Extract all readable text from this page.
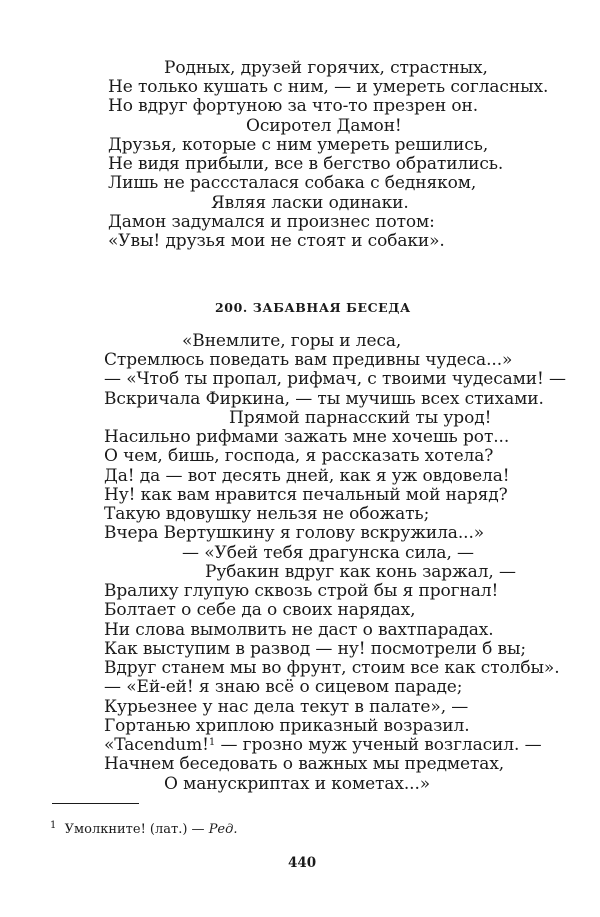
Родных, друзей горячих, страстных,
Не только кушать с ним, — и умереть согласных.
Но вдруг фортуною за что-то презрен он.
Осиротел Дамон!
Друзья, которые с ним умереть решились,
Не видя прибыли, все в бегство обратились.
Лишь не расссталася собака с бедняком,
Являя ласки одинаки.
Дамон задумался и произнес потом:
«Увы! друзья мои не стоят и собаки».
200. ЗАБАВНАЯ БЕСЕДА
«Внемлите, горы и леса,
Стремлюсь поведать вам предивны чудеса...»
— «Чтоб ты пропал, рифмач, с твоими чудесами! —
Вскричала Фиркина, — ты мучишь всех стихами.
Прямой парнасский ты урод!
Насильно рифмами зажать мне хочешь рот...
О чем, бишь, господа, я рассказать хотела?
Да! да — вот десять дней, как я уж овдовела!
Ну! как вам нравится печальный мой наряд?
Такую вдовушку нельзя не обожать;
Вчера Вертушкину я голову вскружила...»
— «Убей тебя драгунска сила, —
Рубакин вдруг как конь заржал, —
Вралиху глупую сквозь строй бы я прогнал!
Болтает о себе да о своих нарядах,
Ни слова вымолвить не даст о вахтпарадах.
Как выступим в развод — ну! посмотрели б вы;
Вдруг станем мы во фрунт, стоим все как столбы».
— «Ей-ей! я знаю всё о сицевом параде;
Курьезнее у нас дела текут в палате», —
Гортанью хриплою приказный возразил.
«Tacendum!$^1$ — грозно муж ученый возгласил. —
Начнем беседовать о важных мы предметах,
О манускриптах и кометах...»
$^1$ Умолкните! (лат.) — Ред.
440
